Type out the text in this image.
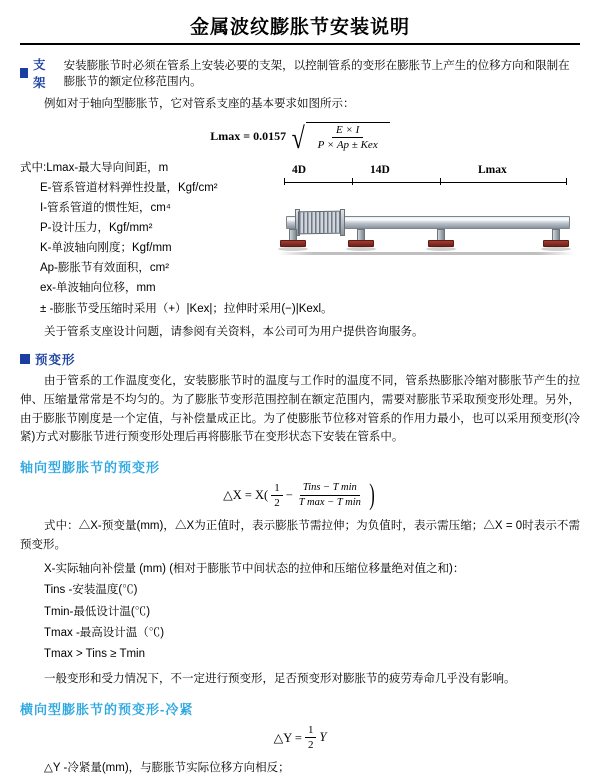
金属波纹膨胀节安装说明
支架
安装膨胀节时必须在管系上安装必要的支架，以控制管系的变形在膨胀节上产生的位移方向和限制在膨胀节的额定位移范围内。

例如对于轴向型膨胀节，它对管系支座的基本要求如图所示：

Lmax = 0.0157 √ $\frac{E \times I}{\text{P × Ap ± Kex}}$
式中:Lmax-最大导向间距，m
E-管系管道材料弹性投量，Kgf/cm²
I-管系管道的惯性矩，cm⁴
P-设计压力，Kgf/mm²
K-单波轴向刚度；Kgf/mm
Ap-膨胀节有效面积，cm²
ex-单波轴向位移，mm
± -膨胀节受压缩时采用（+）|Kex|；拉伸时采用(−)|Kexl。
4D	14D	Lmax

关于管系支座设计问题，请参阅有关资料，本公司可为用户提供咨询服务。

预变形

由于管系的工作温度变化，安装膨胀节时的温度与工作时的温度不同，管系热膨胀冷缩对膨胀节产生的拉伸、压缩量常常是不均匀的。为了膨胀节变形范围控制在额定范围内，需要对膨胀节采取预变形处理。另外，由于膨胀节刚度是一个定值，与补偿量成正比。为了使膨胀节位移对管系的作用力最小，也可以采用预变形(冷紧)方式对膨胀节进行预变形处理后再将膨胀节在变形状态下安装在管系中。

轴向型膨胀节的预变形
△X = $X( \frac{1}{2} - \frac{\text{Tins − T min}}{\text{T max − T min}}$ )

式中：△X-预变量(mm)，△X为正值时，表示膨胀节需拉伸；为负值时，表示需压缩；△X = 0时表示不需预变形。

X-实际轴向补偿量 (mm) (相对于膨胀节中间状态的拉伸和压缩位移量绝对值之和)：
Tins -安装温度(℃)
Tmin-最低设计温(℃)
Tmax -最高设计温（℃)
Tmax > Tins ≥ Tmin
一般变形和受力情况下，不一定进行预变形，足否预变形对膨胀节的疲劳寿命几乎没有影响。
横向型膨胀节的预变形-冷紧
△Y = $\frac{1}{2}$ Y
△Y -冷紧量(mm)，与膨胀节实际位移方向相反；
